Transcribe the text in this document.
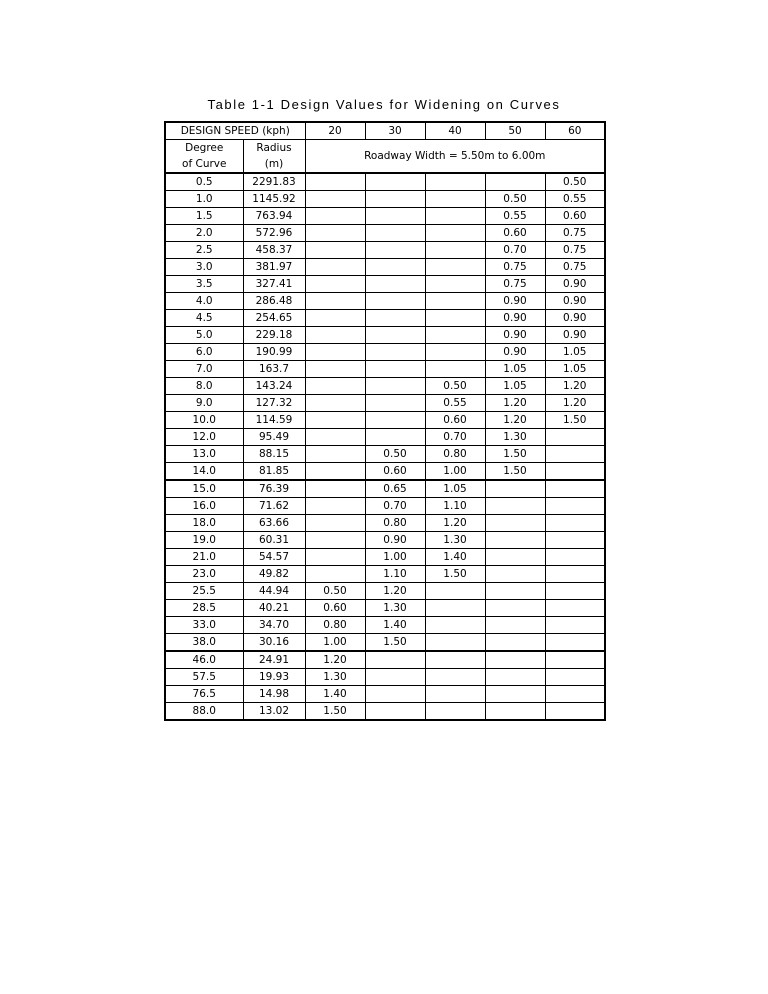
Table 1-1 Design Values for Widening on Curves
DESIGN SPEED (kph)		20	30	40	50	60
Degree	Radius	Roadway Width = 5.50m to 6.00m				
of Curve	(m)					
0.5	2291.83					0.50
1.0	1145.92				0.50	0.55
1.5	763.94				0.55	0.60
2.0	572.96				0.60	0.75
2.5	458.37				0.70	0.75
3.0	381.97				0.75	0.75
3.5	327.41				0.75	0.90
4.0	286.48				0.90	0.90
4.5	254.65				0.90	0.90
5.0	229.18				0.90	0.90
6.0	190.99				0.90	1.05
7.0	163.7				1.05	1.05
8.0	143.24			0.50	1.05	1.20
9.0	127.32			0.55	1.20	1.20
10.0	114.59			0.60	1.20	1.50
12.0	95.49			0.70	1.30	
13.0	88.15		0.50	0.80	1.50	
14.0	81.85		0.60	1.00	1.50	
15.0	76.39		0.65	1.05		
16.0	71.62		0.70	1.10		
18.0	63.66		0.80	1.20		
19.0	60.31		0.90	1.30		
21.0	54.57		1.00	1.40		
23.0	49.82		1.10	1.50		
25.5	44.94	0.50	1.20			
28.5	40.21	0.60	1.30			
33.0	34.70	0.80	1.40			
38.0	30.16	1.00	1.50			
46.0	24.91	1.20				
57.5	19.93	1.30				
76.5	14.98	1.40				
88.0	13.02	1.50				
